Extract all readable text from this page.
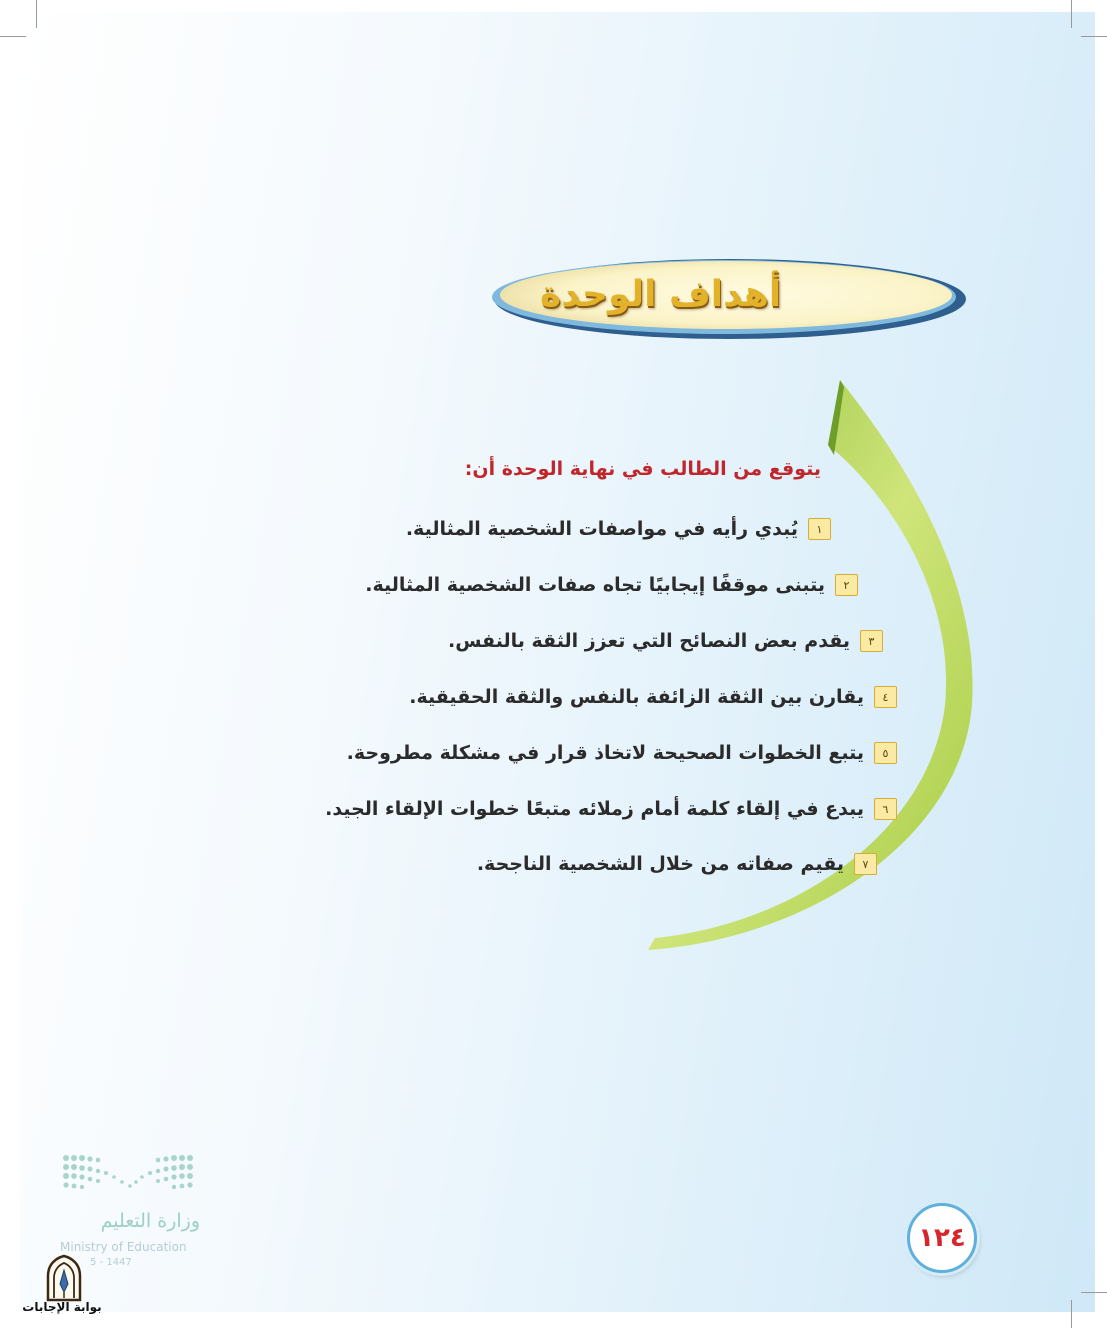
أهداف الوحدة
يتوقع من الطالب في نهاية الوحدة أن:
١
يُبدي رأيه في مواصفات الشخصية المثالية.
٢
يتبنى موقفًا إيجابيًا تجاه صفات الشخصية المثالية.
٣
يقدم بعض النصائح التي تعزز الثقة بالنفس.
٤
يقارن بين الثقة الزائفة بالنفس والثقة الحقيقية.
٥
يتبع الخطوات الصحيحة لاتخاذ قرار في مشكلة مطروحة.
٦
يبدع في إلقاء كلمة أمام زملائه متبعًا خطوات الإلقاء الجيد.
٧
يقيم صفاته من خلال الشخصية الناجحة.
وزارة التعليم
Ministry of Education
5 - 1447
بوابة الإجابات
١٢٤
